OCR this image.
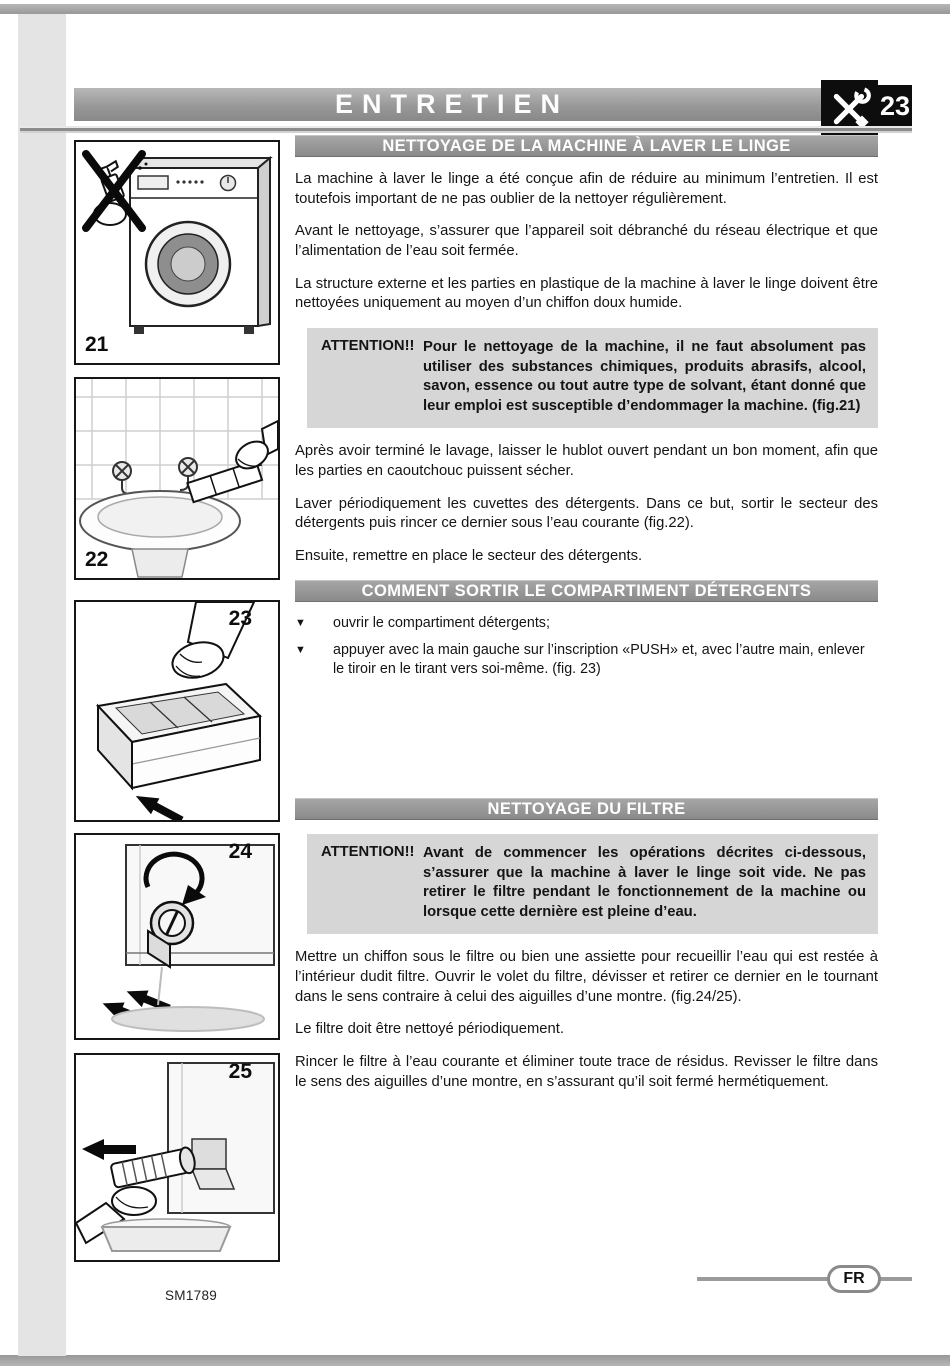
ENTRETIEN	23
21
22
23
24
25
NETTOYAGE DE LA MACHINE À LAVER LE LINGE

La machine à laver le linge a été conçue afin de réduire au minimum l’entretien. Il est toutefois important de ne pas oublier de la nettoyer régulièrement.

Avant le nettoyage, s’assurer que l’appareil soit débranché du réseau électrique et que l’alimentation de l’eau soit fermée.

La structure externe et les parties en plastique de la machine à laver le linge doivent être nettoyées uniquement au moyen d’un chiffon doux humide.

ATTENTION!! Pour le nettoyage de la machine, il ne faut absolument pas utiliser des substances chimiques, produits abrasifs, alcool, savon, essence ou tout autre type de solvant, étant donné que leur emploi est susceptible d’endommager la machine. (fig.21)

Après avoir terminé le lavage, laisser le hublot ouvert pendant un bon moment, afin que les parties en caoutchouc puissent sécher.

Laver périodiquement les cuvettes des détergents. Dans ce but, sortir le secteur des détergents puis rincer ce dernier sous l’eau courante (fig.22).

Ensuite, remettre en place le secteur des détergents.

COMMENT SORTIR LE COMPARTIMENT DÉTERGENTS
▼	ouvrir le compartiment détergents;
▼	appuyer avec la main gauche sur l’inscription «PUSH» et, avec l’autre main, enlever le tiroir en le tirant vers soi-même. (fig. 23)
NETTOYAGE DU FILTRE
ATTENTION!! Avant de commencer les opérations décrites ci-dessous, s’assurer que la machine à laver le linge soit vide. Ne pas retirer le filtre pendant le fonctionnement de la machine ou lorsque cette dernière est pleine d’eau.

Mettre un chiffon sous le filtre ou bien une assiette pour recueillir l’eau qui est restée à l’intérieur dudit filtre. Ouvrir le volet du filtre, dévisser et retirer ce dernier en le tournant dans le sens contraire à celui des aiguilles d’une montre. (fig.24/25).

Le filtre doit être nettoyé périodiquement.

Rincer le filtre à l’eau courante et éliminer toute trace de résidus. Revisser le filtre dans le sens des aiguilles d’une montre, en s’assurant qu’il soit fermé hermétiquement.

SM1789
FR
